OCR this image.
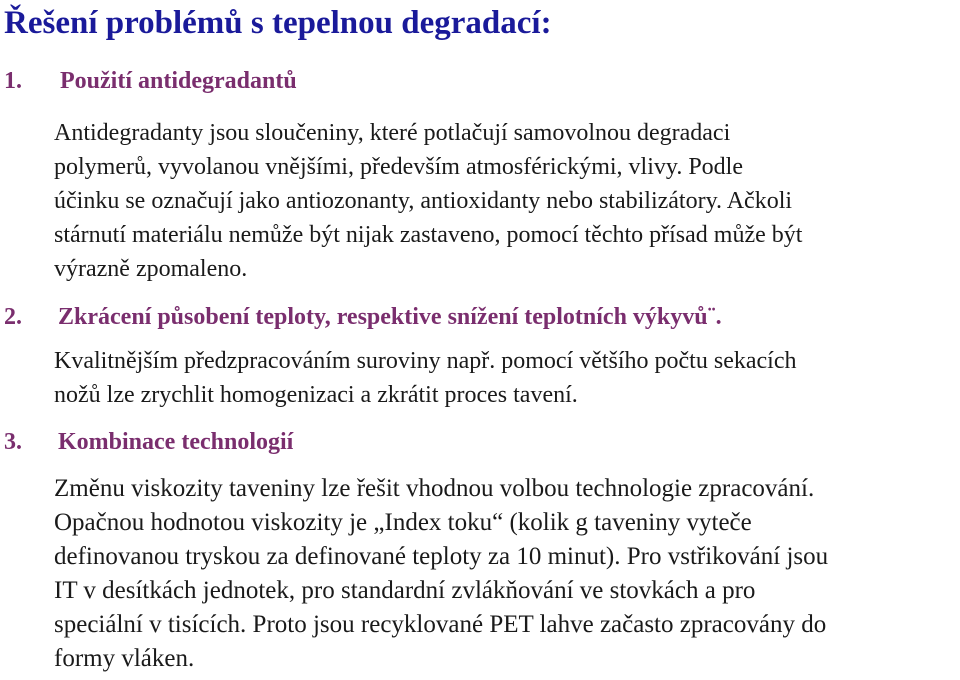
Řešení problémů s tepelnou degradací:
1. Použití antidegradantů
Antidegradanty jsou sloučeniny, které potlačují samovolnou degradaci
polymerů, vyvolanou vnějšími, především atmosférickými, vlivy. Podle
účinku se označují jako antiozonanty, antioxidanty nebo stabilizátory. Ačkoli
stárnutí materiálu nemůže být nijak zastaveno, pomocí těchto přísad může být
výrazně zpomaleno.
2. Zkrácení působení teploty, respektive snížení teplotních výkyvů¨.
Kvalitnějším předzpracováním suroviny např. pomocí většího počtu sekacích
nožů lze zrychlit homogenizaci a zkrátit proces tavení.
3. Kombinace technologií
Změnu viskozity taveniny lze řešit vhodnou volbou technologie zpracování.
Opačnou hodnotou viskozity je „Index toku“ (kolik g taveniny vyteče
definovanou tryskou za definované teploty za 10 minut). Pro vstřikování jsou
IT v desítkách jednotek, pro standardní zvlákňování ve stovkách a pro
speciální v tisících. Proto jsou recyklované PET lahve začasto zpracovány do
formy vláken.
